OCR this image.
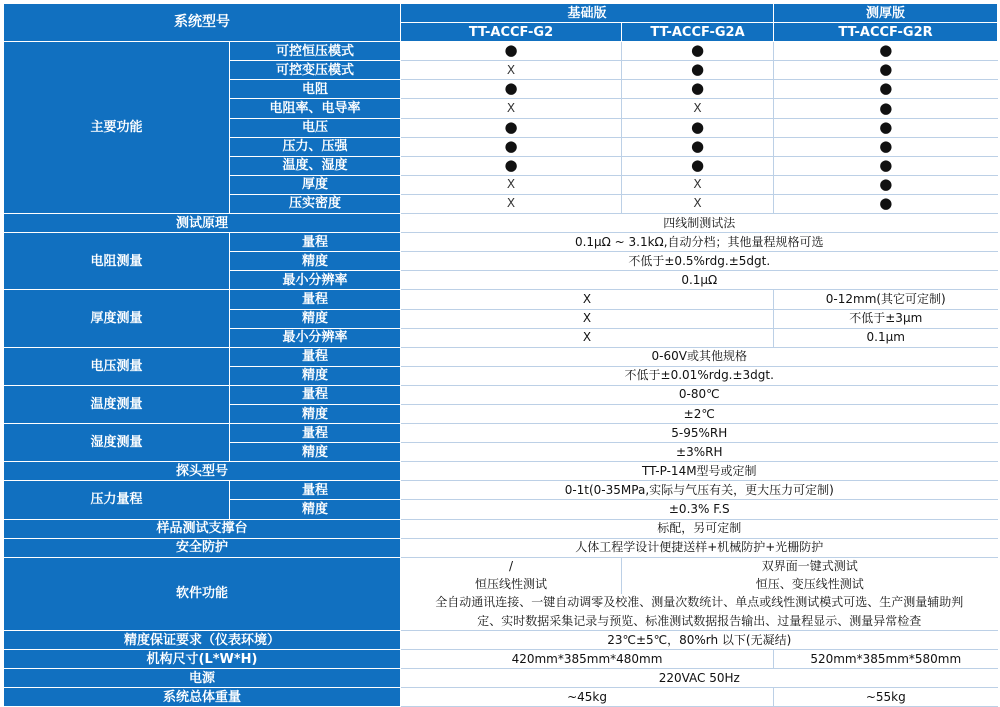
系统型号		基础版		测厚版
		TT-ACCF-G2	TT-ACCF-G2A	TT-ACCF-G2R
主要功能	可控恒压模式	●	●	●
	可控变压模式	X	●	●
	电阻	●	●	●
	电阻率、电导率	X	X	●
	电压	●	●	●
	压力、压强	●	●	●
	温度、湿度	●	●	●
	厚度	X	X	●
	压实密度	X	X	●
测试原理		四线制测试法		
电阻测量	量程	0.1μΩ ~ 3.1kΩ,自动分档；其他量程规格可选		
	精度	不低于±0.5%rdg.±5dgt.		
	最小分辨率	0.1μΩ		
厚度测量	量程	X		0-12mm(其它可定制)
	精度	X		不低于±3μm
	最小分辨率	X		0.1μm
电压测量	量程	0-60V或其他规格		
	精度	不低于±0.01%rdg.±3dgt.		
温度测量	量程	0-80℃		
	精度	±2℃		
湿度测量	量程	5-95%RH		
	精度	±3%RH		
探头型号		TT-P-14M型号或定制		
压力量程	量程	0-1t(0-35MPa,实际与气压有关，更大压力可定制)		
	精度	±0.3% F.S		
样品测试支撑台		标配，另可定制		
安全防护		人体工程学设计便捷送样+机械防护+光栅防护		
软件功能		/	双界面一键式测试	
		恒压线性测试	恒压、变压线性测试	
		全自动通讯连接、一键自动调零及校准、测量次数统计、单点或线性测试模式可选、生产测量辅助判		
		定、实时数据采集记录与预览、标准测试数据报告输出、过量程显示、测量异常检查		
精度保证要求（仪表环境）		23℃±5℃，80%rh 以下(无凝结)		
机构尺寸(L*W*H)		420mm*385mm*480mm		520mm*385mm*580mm
电源		220VAC 50Hz		
系统总体重量		~45kg		~55kg
